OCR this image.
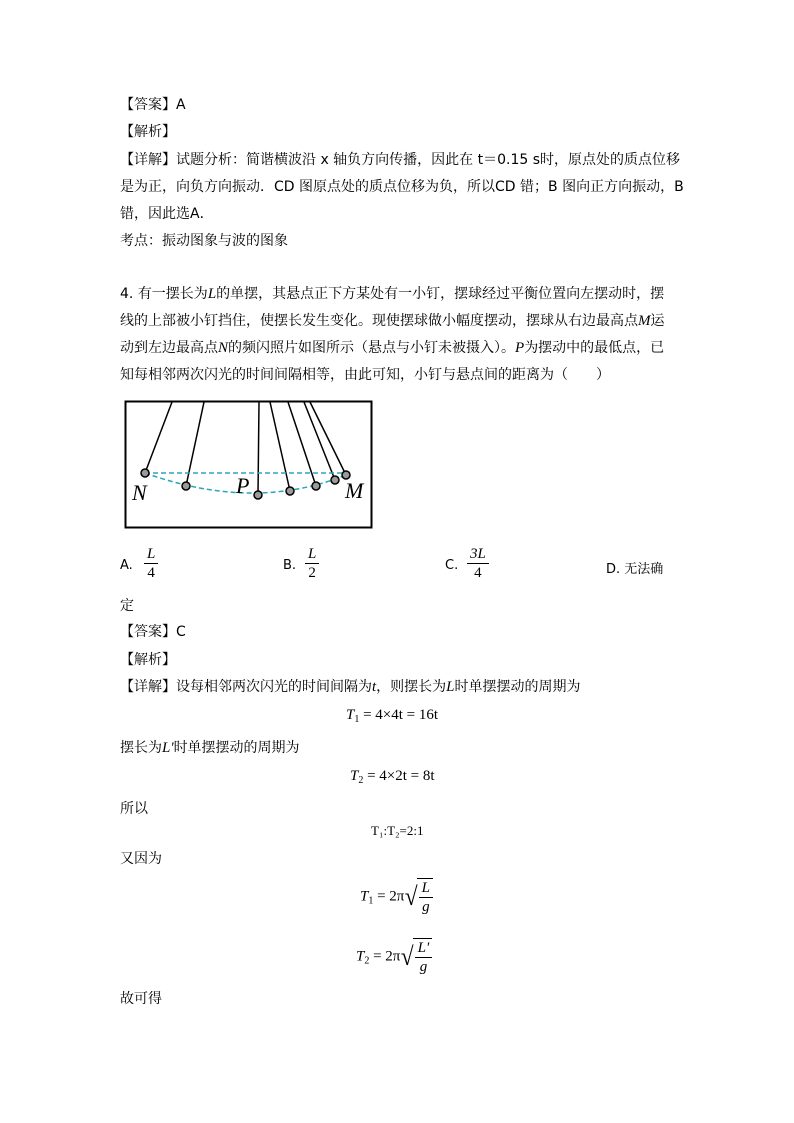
【答案】A
【解析】
【详解】试题分析：简谐横波沿 x 轴负方向传播，因此在 t＝0.15 s时，原点处的质点位移
是为正，向负方向振动．CD 图原点处的质点位移为负，所以CD 错；B 图向正方向振动，B
错，因此选A．
考点：振动图象与波的图象
4. 有一摆长为L的单摆，其悬点正下方某处有一小钉，摆球经过平衡位置向左摆动时，摆
线的上部被小钉挡住，使摆长发生变化。现使摆球做小幅度摆动，摆球从右边最高点M运
动到左边最高点N的频闪照片如图所示（悬点与小钉未被摄入）。P为摆动中的最低点，已
知每相邻两次闪光的时间间隔相等，由此可知，小钉与悬点间的距离为（　　）
N	P	M
A. $\frac{L}{4}$	B. $\frac{L}{2}$	C. $\frac{3L}{4}$	D. 无法确
定
【答案】C
【解析】
【详解】设每相邻两次闪光的时间间隔为t，则摆长为L时单摆摆动的周期为
$T_1 = 4\times 4t = 16t$
摆长为L'时单摆摆动的周期为
$T_2 = 4\times 2t = 8t$
所以
T₁:T₂=2:1
又因为
$T_1 = 2\pi√ \frac{L}{g}$
$T_2 = 2\pi√ \frac{L'}{g}$
故可得
